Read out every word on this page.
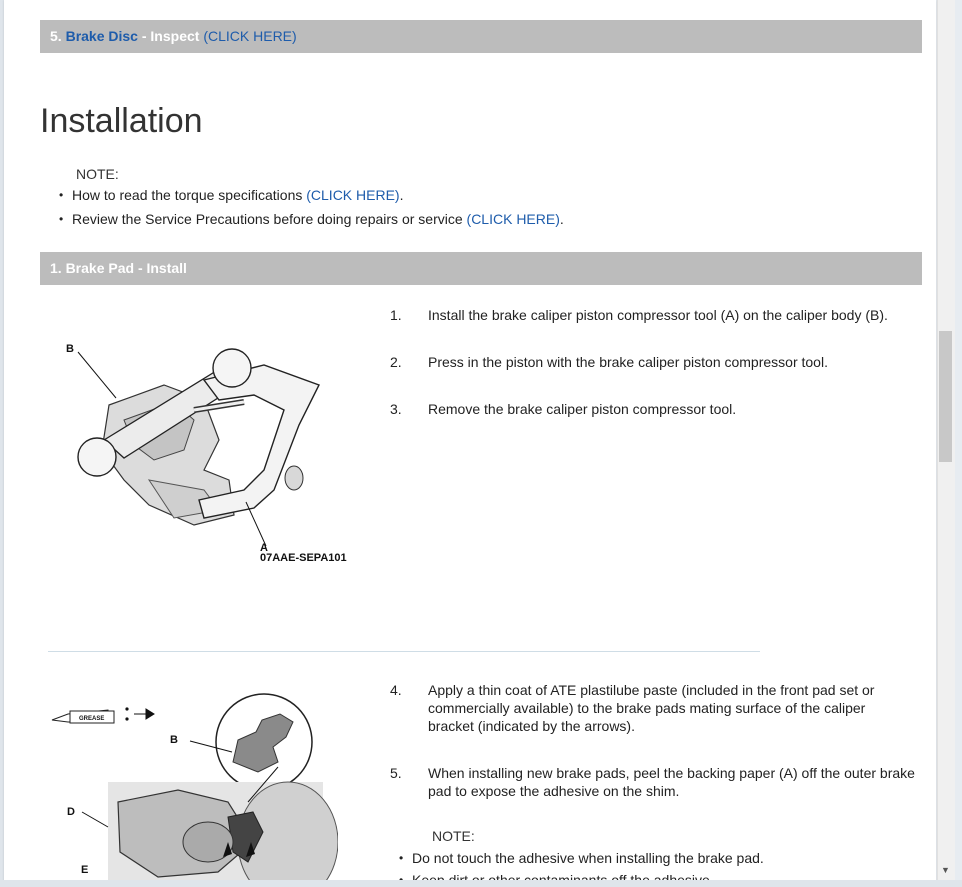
5. Brake Disc - Inspect (CLICK HERE)
Installation
NOTE:
• How to read the torque specifications (CLICK HERE).
• Review the Service Precautions before doing repairs or service (CLICK HERE).
1. Brake Pad - Install
B
A
07AAE-SEPA101
1.	Install the brake caliper piston compressor tool (A) on the caliper body (B).
2.	Press in the piston with the brake caliper piston compressor tool.
3.	Remove the brake caliper piston compressor tool.
GREASE
B
D
E
4.	Apply a thin coat of ATE plastilube paste (included in the front pad set or
commercially available) to the brake pads mating surface of the caliper
bracket (indicated by the arrows).
5.	When installing new brake pads, peel the backing paper (A) off the outer brake
pad to expose the adhesive on the shim.
NOTE:
• Do not touch the adhesive when installing the brake pad.
•
▼
